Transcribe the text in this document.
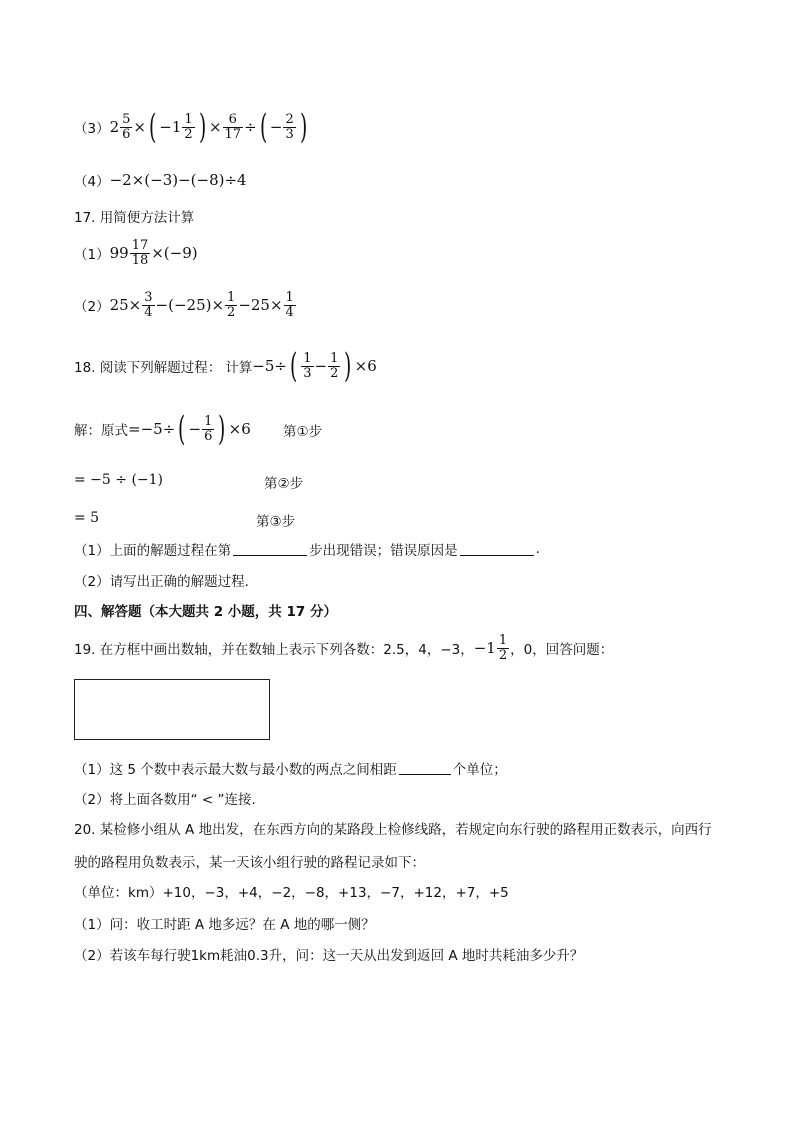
（3） $2 \frac{5}{6}$ × ( $-1 \frac{1}{2}$ ) × $\frac{6}{17}$ ÷ ( − $\frac{2}{3}$ )
（4） −2×(−3)−(−8)÷4
17. 用简便方法计算
（1） $99 \frac{17}{18} \times(-9)$
（2） $25\times \frac{3}{4} -(-25)\times \frac{1}{2} -25\times \frac{1}{4}$
18. 阅读下列解题过程： 计算 −5÷ ( $\frac{1}{3} - \frac{1}{2}$ ) ×6
解：原式 = −5÷ ( − $\frac{1}{6}$ ) ×6 第①步
= −5 ÷ (−1)	第②步
= 5	第③步
（1）上面的解题过程在第	步出现错误；错误原因是	.
（2）请写出正确的解题过程.
四、解答题（本大题共 2 小题，共 17 分）
19. 在方框中画出数轴，并在数轴上表示下列各数：2.5，4，−3， $-1 \frac{1}{2}$ ，0，回答问题：
（1）这 5 个数中表示最大数与最小数的两点之间相距	个单位；
（2）将上面各数用“ < ”连接.
20. 某检修小组从 A 地出发，在东西方向的某路段上检修线路，若规定向东行驶的路程用正数表示，向西行
驶的路程用负数表示，某一天该小组行驶的路程记录如下：
（单位：km）+10，−3，+4，−2，−8，+13，−7，+12，+7，+5
（1）问：收工时距 A 地多远？在 A 地的哪一侧？
（2）若该车每行驶1km耗油0.3升，问：这一天从出发到返回 A 地时共耗油多少升？
